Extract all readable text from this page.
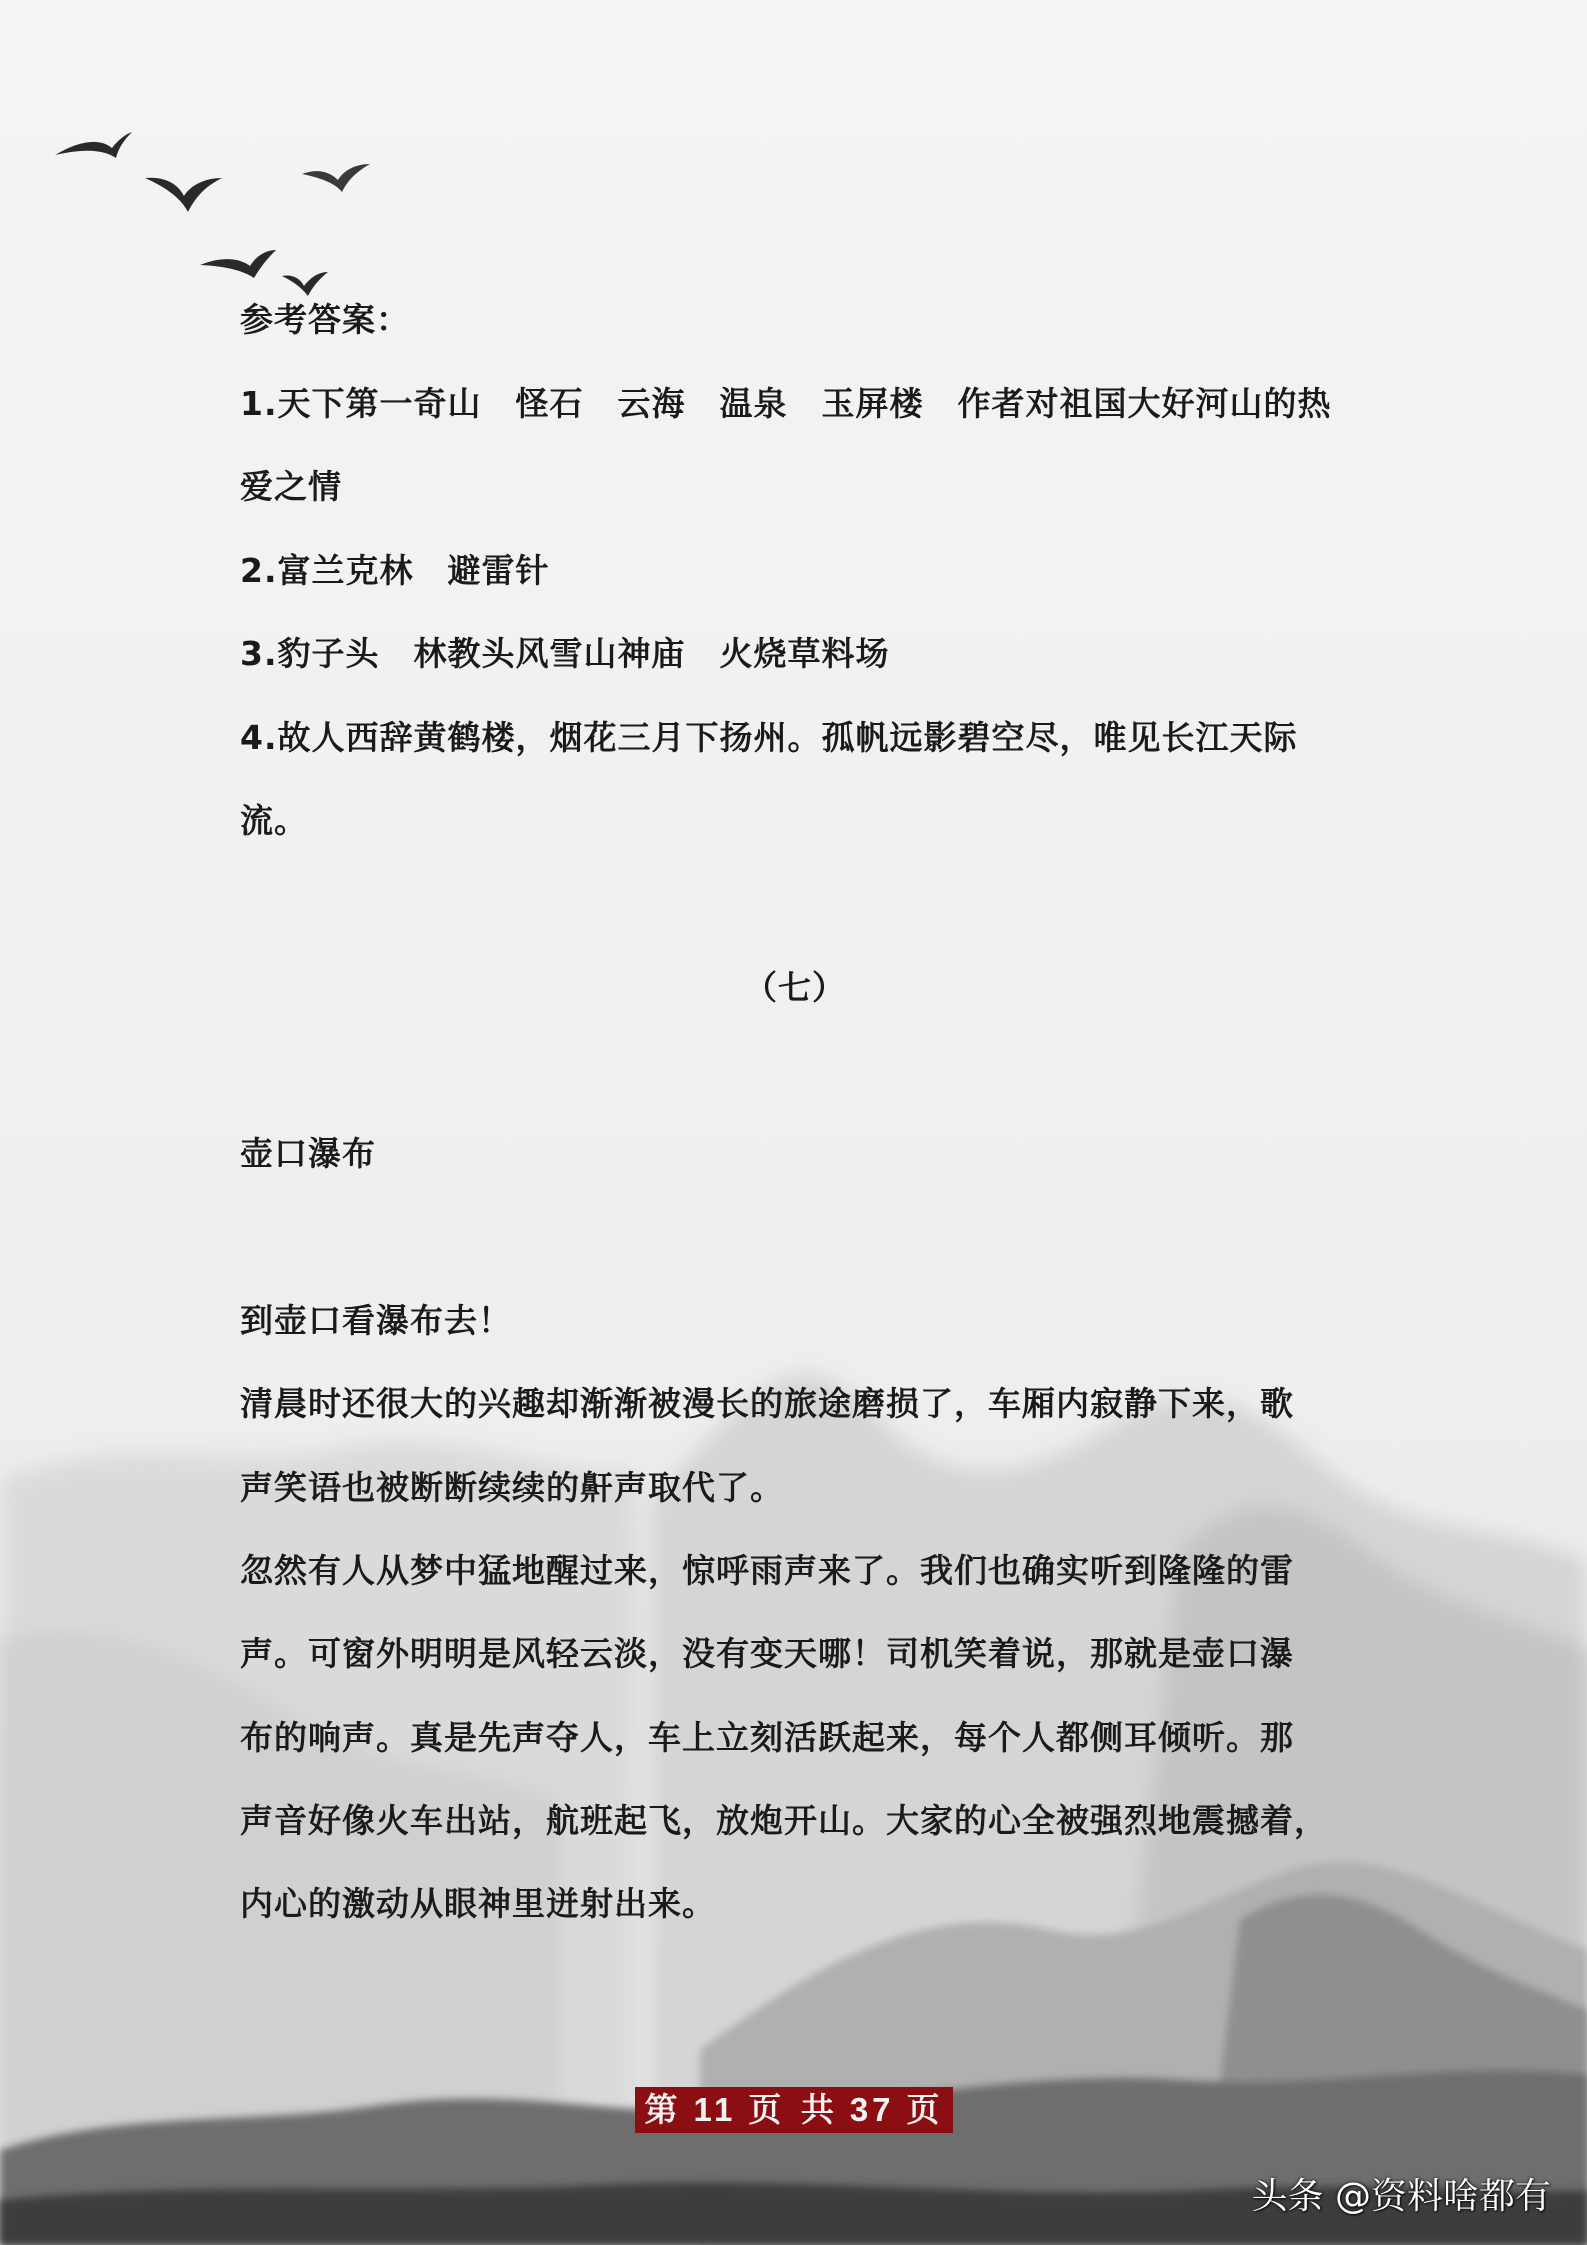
参考答案：
1.天下第一奇山　怪石　云海　温泉　玉屏楼　作者对祖国大好河山的热
爱之情
2.富兰克林　避雷针
3.豹子头　林教头风雪山神庙　火烧草料场
4.故人西辞黄鹤楼，烟花三月下扬州。孤帆远影碧空尽，唯见长江天际
流。
（七）
壶口瀑布
到壶口看瀑布去！
清晨时还很大的兴趣却渐渐被漫长的旅途磨损了，车厢内寂静下来，歌
声笑语也被断断续续的鼾声取代了。
忽然有人从梦中猛地醒过来，惊呼雨声来了。我们也确实听到隆隆的雷
声。可窗外明明是风轻云淡，没有变天哪！司机笑着说，那就是壶口瀑
布的响声。真是先声夺人，车上立刻活跃起来，每个人都侧耳倾听。那
声音好像火车出站，航班起飞，放炮开山。大家的心全被强烈地震撼着，
内心的激动从眼神里迸射出来。
第 11 页 共 37 页
头条 @资料啥都有
